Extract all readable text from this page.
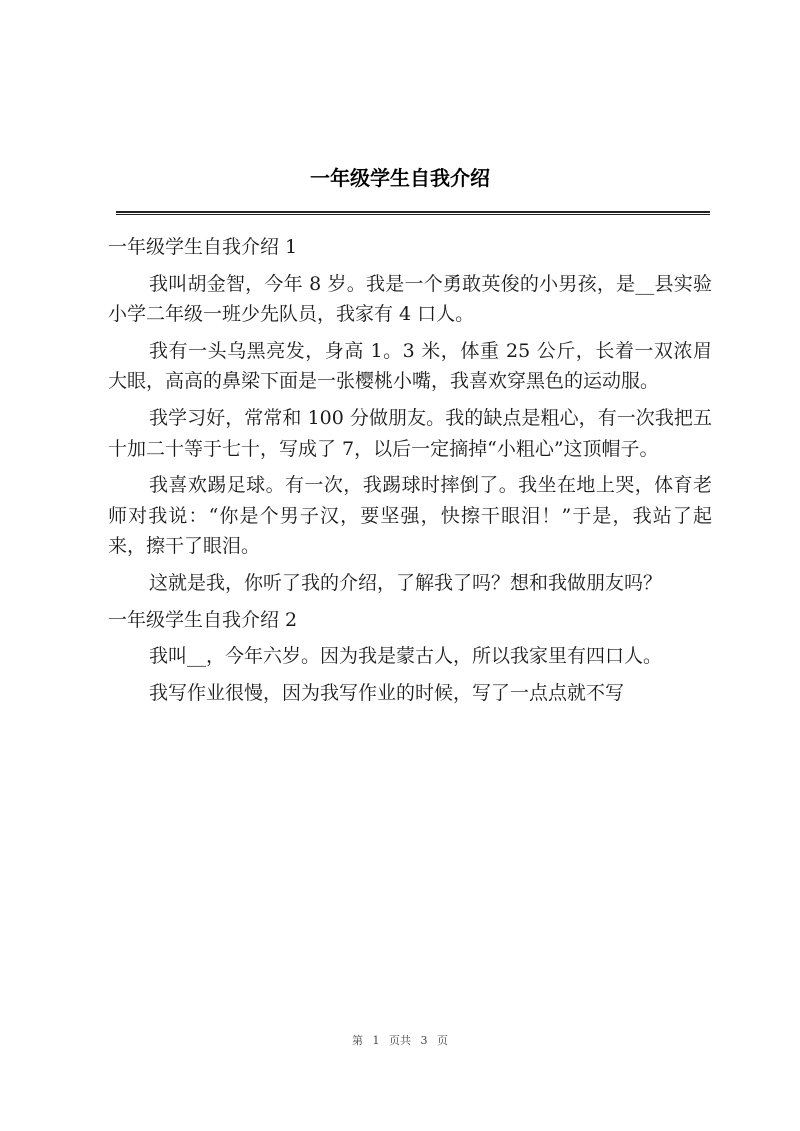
一年级学生自我介绍

一年级学生自我介绍 1

我叫胡金智，今年 8 岁。我是一个勇敢英俊的小男孩，是__县实验小学二年级一班少先队员，我家有 4 口人。

我有一头乌黑亮发，身高 1。3 米，体重 25 公斤，长着一双浓眉大眼，高高的鼻梁下面是一张樱桃小嘴，我喜欢穿黑色的运动服。

我学习好，常常和 100 分做朋友。我的缺点是粗心，有一次我把五十加二十等于七十，写成了 7，以后一定摘掉“小粗心”这顶帽子。

我喜欢踢足球。有一次，我踢球时摔倒了。我坐在地上哭，体育老师对我说：“你是个男子汉，要坚强，快擦干眼泪！”于是，我站了起来，擦干了眼泪。

这就是我，你听了我的介绍，了解我了吗？想和我做朋友吗？

一年级学生自我介绍 2

我叫__，今年六岁。因为我是蒙古人，所以我家里有四口人。

我写作业很慢，因为我写作业的时候，写了一点点就不写

第 1 页共 3 页
